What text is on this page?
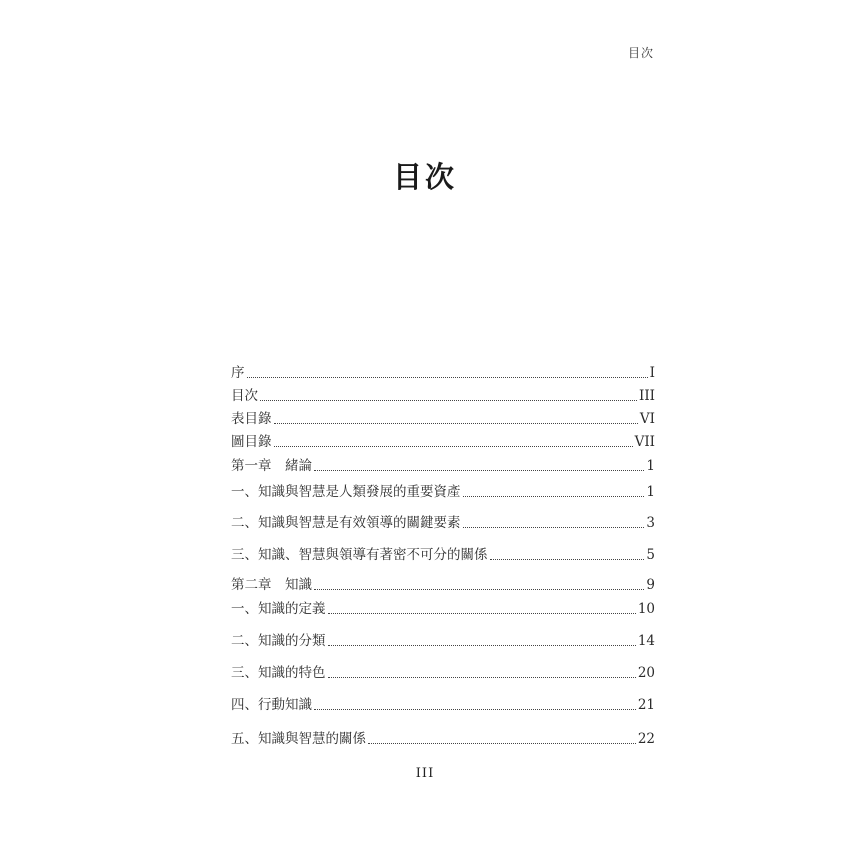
目次
目次
序	I
目次	III
表目錄	VI
圖目錄	VII
第一章　緒論	1
一、知識與智慧是人類發展的重要資產	1
二、知識與智慧是有效領導的關鍵要素	3
三、知識、智慧與領導有著密不可分的關係	5
第二章　知識	9
一、知識的定義	10
二、知識的分類	14
三、知識的特色	20
四、行動知識	21
五、知識與智慧的關係	22
III
